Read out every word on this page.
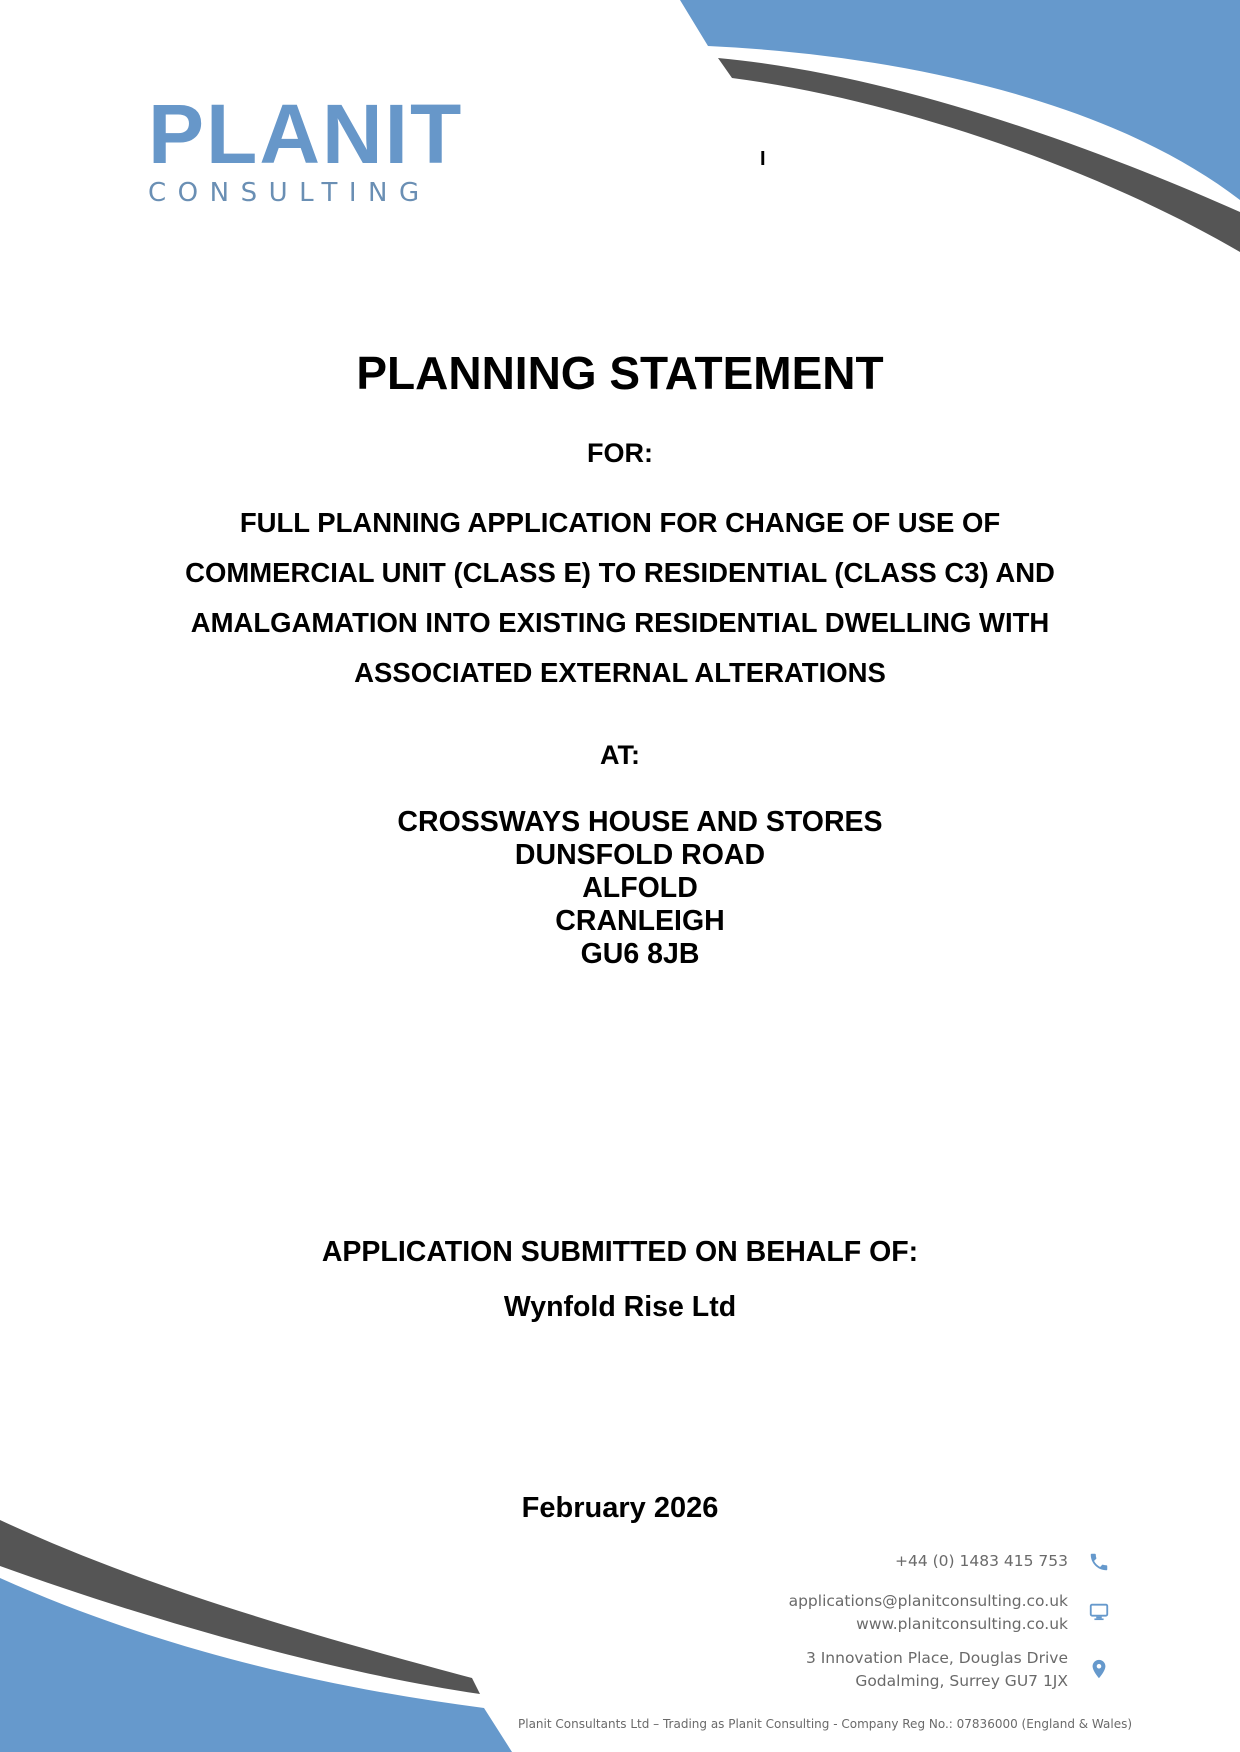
PLANIT
CONSULTING
I
PLANNING STATEMENT
FOR:
FULL PLANNING APPLICATION FOR CHANGE OF USE OF
COMMERCIAL UNIT (CLASS E) TO RESIDENTIAL (CLASS C3) AND
AMALGAMATION INTO EXISTING RESIDENTIAL DWELLING WITH
ASSOCIATED EXTERNAL ALTERATIONS
AT:
CROSSWAYS HOUSE AND STORES
DUNSFOLD ROAD
ALFOLD
CRANLEIGH
GU6 8JB
APPLICATION SUBMITTED ON BEHALF OF:
Wynfold Rise Ltd
February 2026
+44 (0) 1483 415 753
applications@planitconsulting.co.uk
www.planitconsulting.co.uk
3 Innovation Place, Douglas Drive
Godalming, Surrey GU7 1JX
Planit Consultants Ltd – Trading as Planit Consulting - Company Reg No.: 07836000 (England & Wales)
